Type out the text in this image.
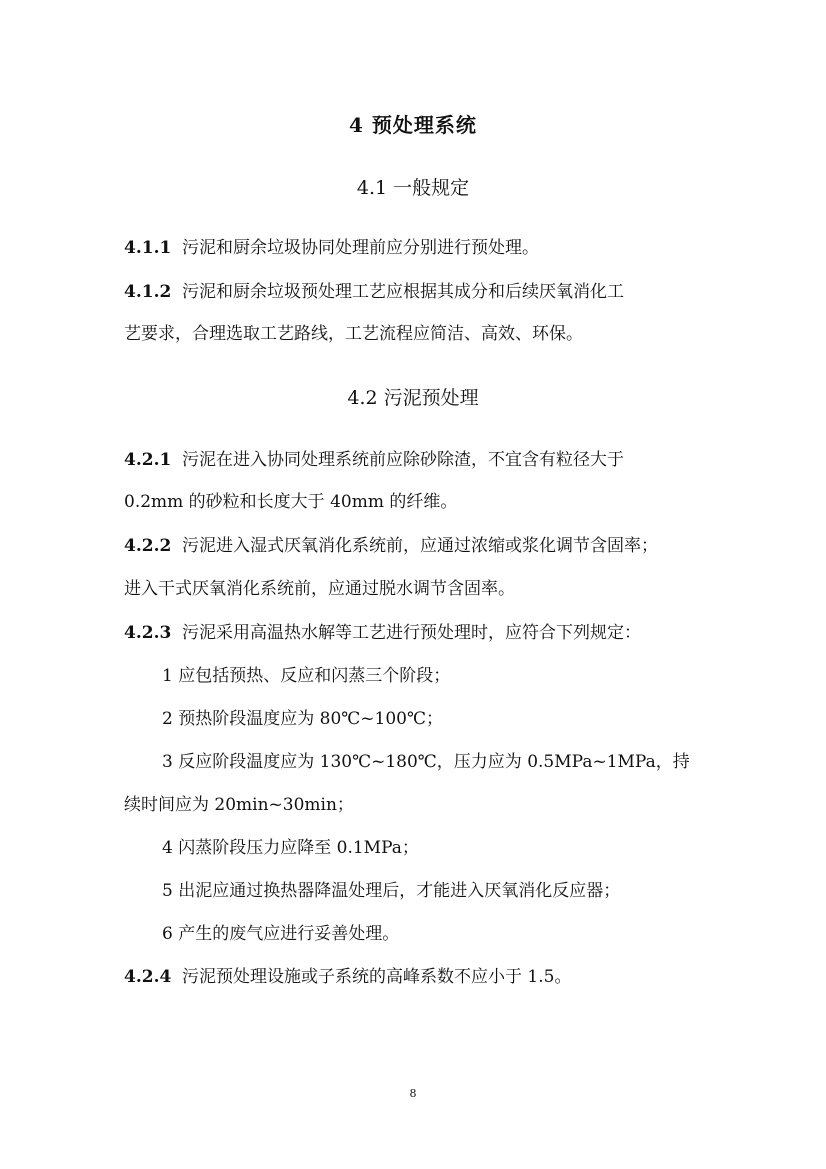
4 预处理系统
4.1 一般规定
4.1.1 污泥和厨余垃圾协同处理前应分别进行预处理。
4.1.2 污泥和厨余垃圾预处理工艺应根据其成分和后续厌氧消化工
艺要求，合理选取工艺路线，工艺流程应简洁、高效、环保。
4.2 污泥预处理
4.2.1 污泥在进入协同处理系统前应除砂除渣，不宜含有粒径大于
0.2mm 的砂粒和长度大于 40mm 的纤维。
4.2.2 污泥进入湿式厌氧消化系统前，应通过浓缩或浆化调节含固率；
进入干式厌氧消化系统前，应通过脱水调节含固率。
4.2.3 污泥采用高温热水解等工艺进行预处理时，应符合下列规定：
1 应包括预热、反应和闪蒸三个阶段；
2 预热阶段温度应为 80℃~100℃；
3 反应阶段温度应为 130℃~180℃，压力应为 0.5MPa~1MPa，持
续时间应为 20min~30min；
4 闪蒸阶段压力应降至 0.1MPa；
5 出泥应通过换热器降温处理后，才能进入厌氧消化反应器；
6 产生的废气应进行妥善处理。
4.2.4 污泥预处理设施或子系统的高峰系数不应小于 1.5。
8
